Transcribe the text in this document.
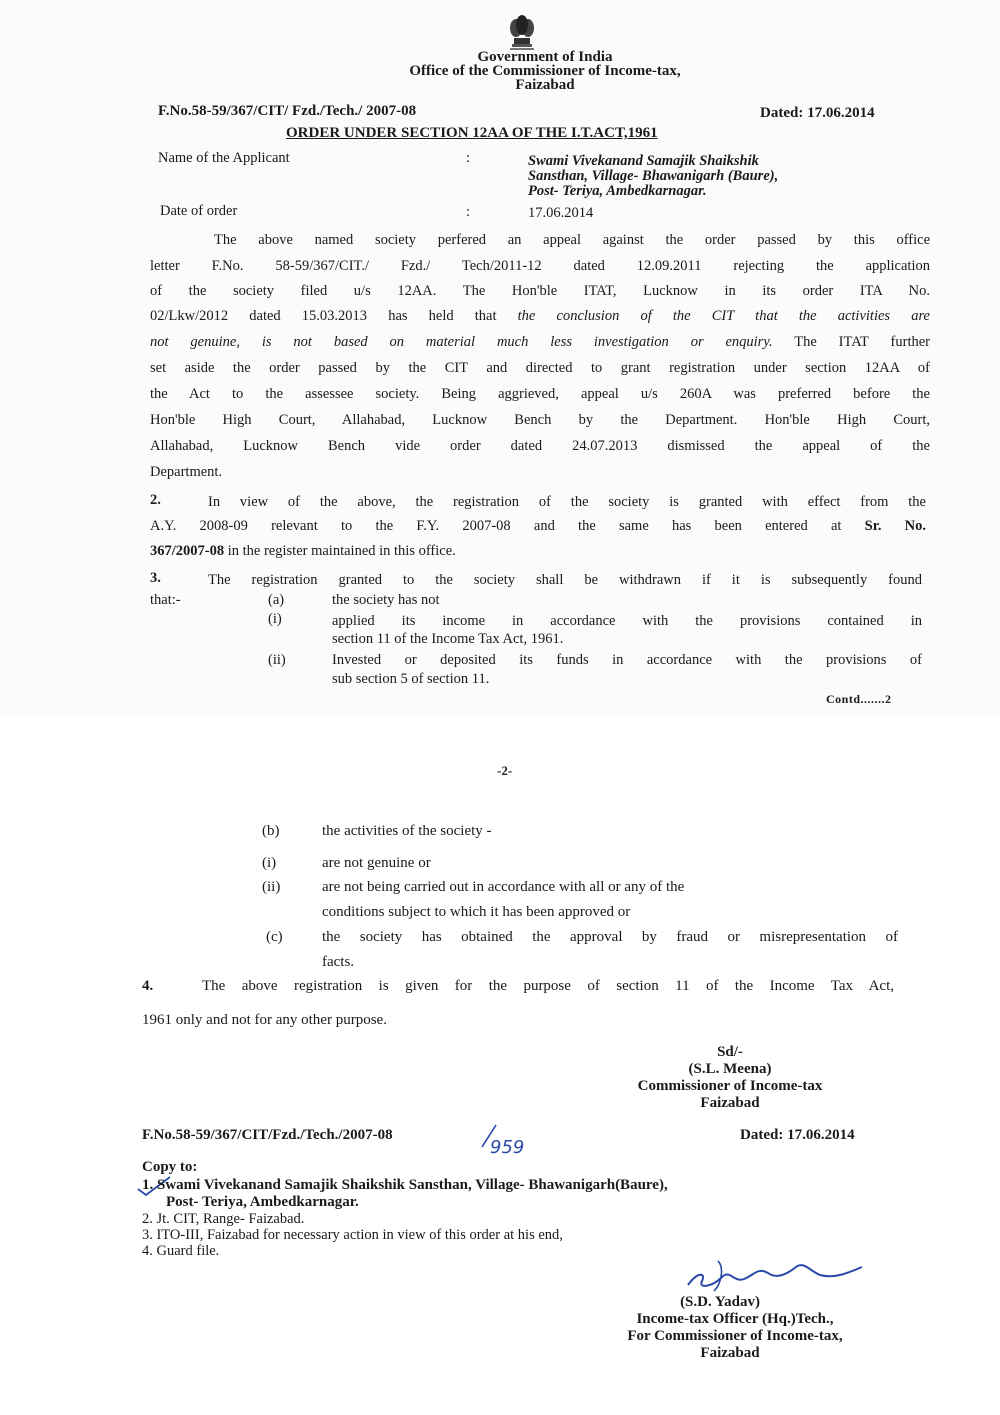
Government of India
Office of the Commissioner of Income-tax,
Faizabad
F.No.58-59/367/CIT/ Fzd./Tech./ 2007-08	Dated: 17.06.2014
ORDER UNDER SECTION 12AA OF THE I.T.ACT,1961
Name of the Applicant	:	Swami Vivekanand Samajik Shaikshik
Sansthan, Village- Bhawanigarh (Baure),
Post- Teriya, Ambedkarnagar.
Date of order	:	17.06.2014
The above named society perfered an appeal against the order passed by this office
letter F.No. 58-59/367/CIT./ Fzd./ Tech/2011-12 dated 12.09.2011 rejecting the application
of the society filed u/s 12AA. The Hon'ble ITAT, Lucknow in its order ITA No.
02/Lkw/2012 dated 15.03.2013 has held that the conclusion of the CIT that the activities are
not genuine, is not based on material much less investigation or enquiry. The ITAT further
set aside the order passed by the CIT and directed to grant registration under section 12AA of
the Act to the assessee society. Being aggrieved, appeal u/s 260A was preferred before the
Hon'ble High Court, Allahabad, Lucknow Bench by the Department. Hon'ble High Court,
Allahabad, Lucknow Bench vide order dated 24.07.2013 dismissed the appeal of the
Department.
2.	In view of the above, the registration of the society is granted with effect from the
A.Y. 2008-09 relevant to the F.Y. 2007-08 and the same has been entered at Sr. No.
367/2007-08 in the register maintained in this office.
3.	The registration granted to the society shall be withdrawn if it is subsequently found
that:-	(a)	the society has not
(i)	applied its income in accordance with the provisions contained in
section 11 of the Income Tax Act, 1961.
(ii)	Invested or deposited its funds in accordance with the provisions of
sub section 5 of section 11.
Contd.......2
-2-
(b)	the activities of the society -
(i)	are not genuine or
(ii)	are not being carried out in accordance with all or any of the
conditions subject to which it has been approved or
(c)	the society has obtained the approval by fraud or misrepresentation of
facts.
4.	The above registration is given for the purpose of section 11 of the Income Tax Act,
1961 only and not for any other purpose.
Sd/-
(S.L. Meena)
Commissioner of Income-tax
Faizabad
F.No.58-59/367/CIT/Fzd./Tech./2007-08
959
Dated: 17.06.2014
Copy to:
1. Swami Vivekanand Samajik Shaikshik Sansthan, Village- Bhawanigarh(Baure),
Post- Teriya, Ambedkarnagar.
2. Jt. CIT, Range- Faizabad.
3. ITO-III, Faizabad for necessary action in view of this order at his end,
4. Guard file.
(S.D. Yadav)
Income-tax Officer (Hq.)Tech.,
For Commissioner of Income-tax,
Faizabad
